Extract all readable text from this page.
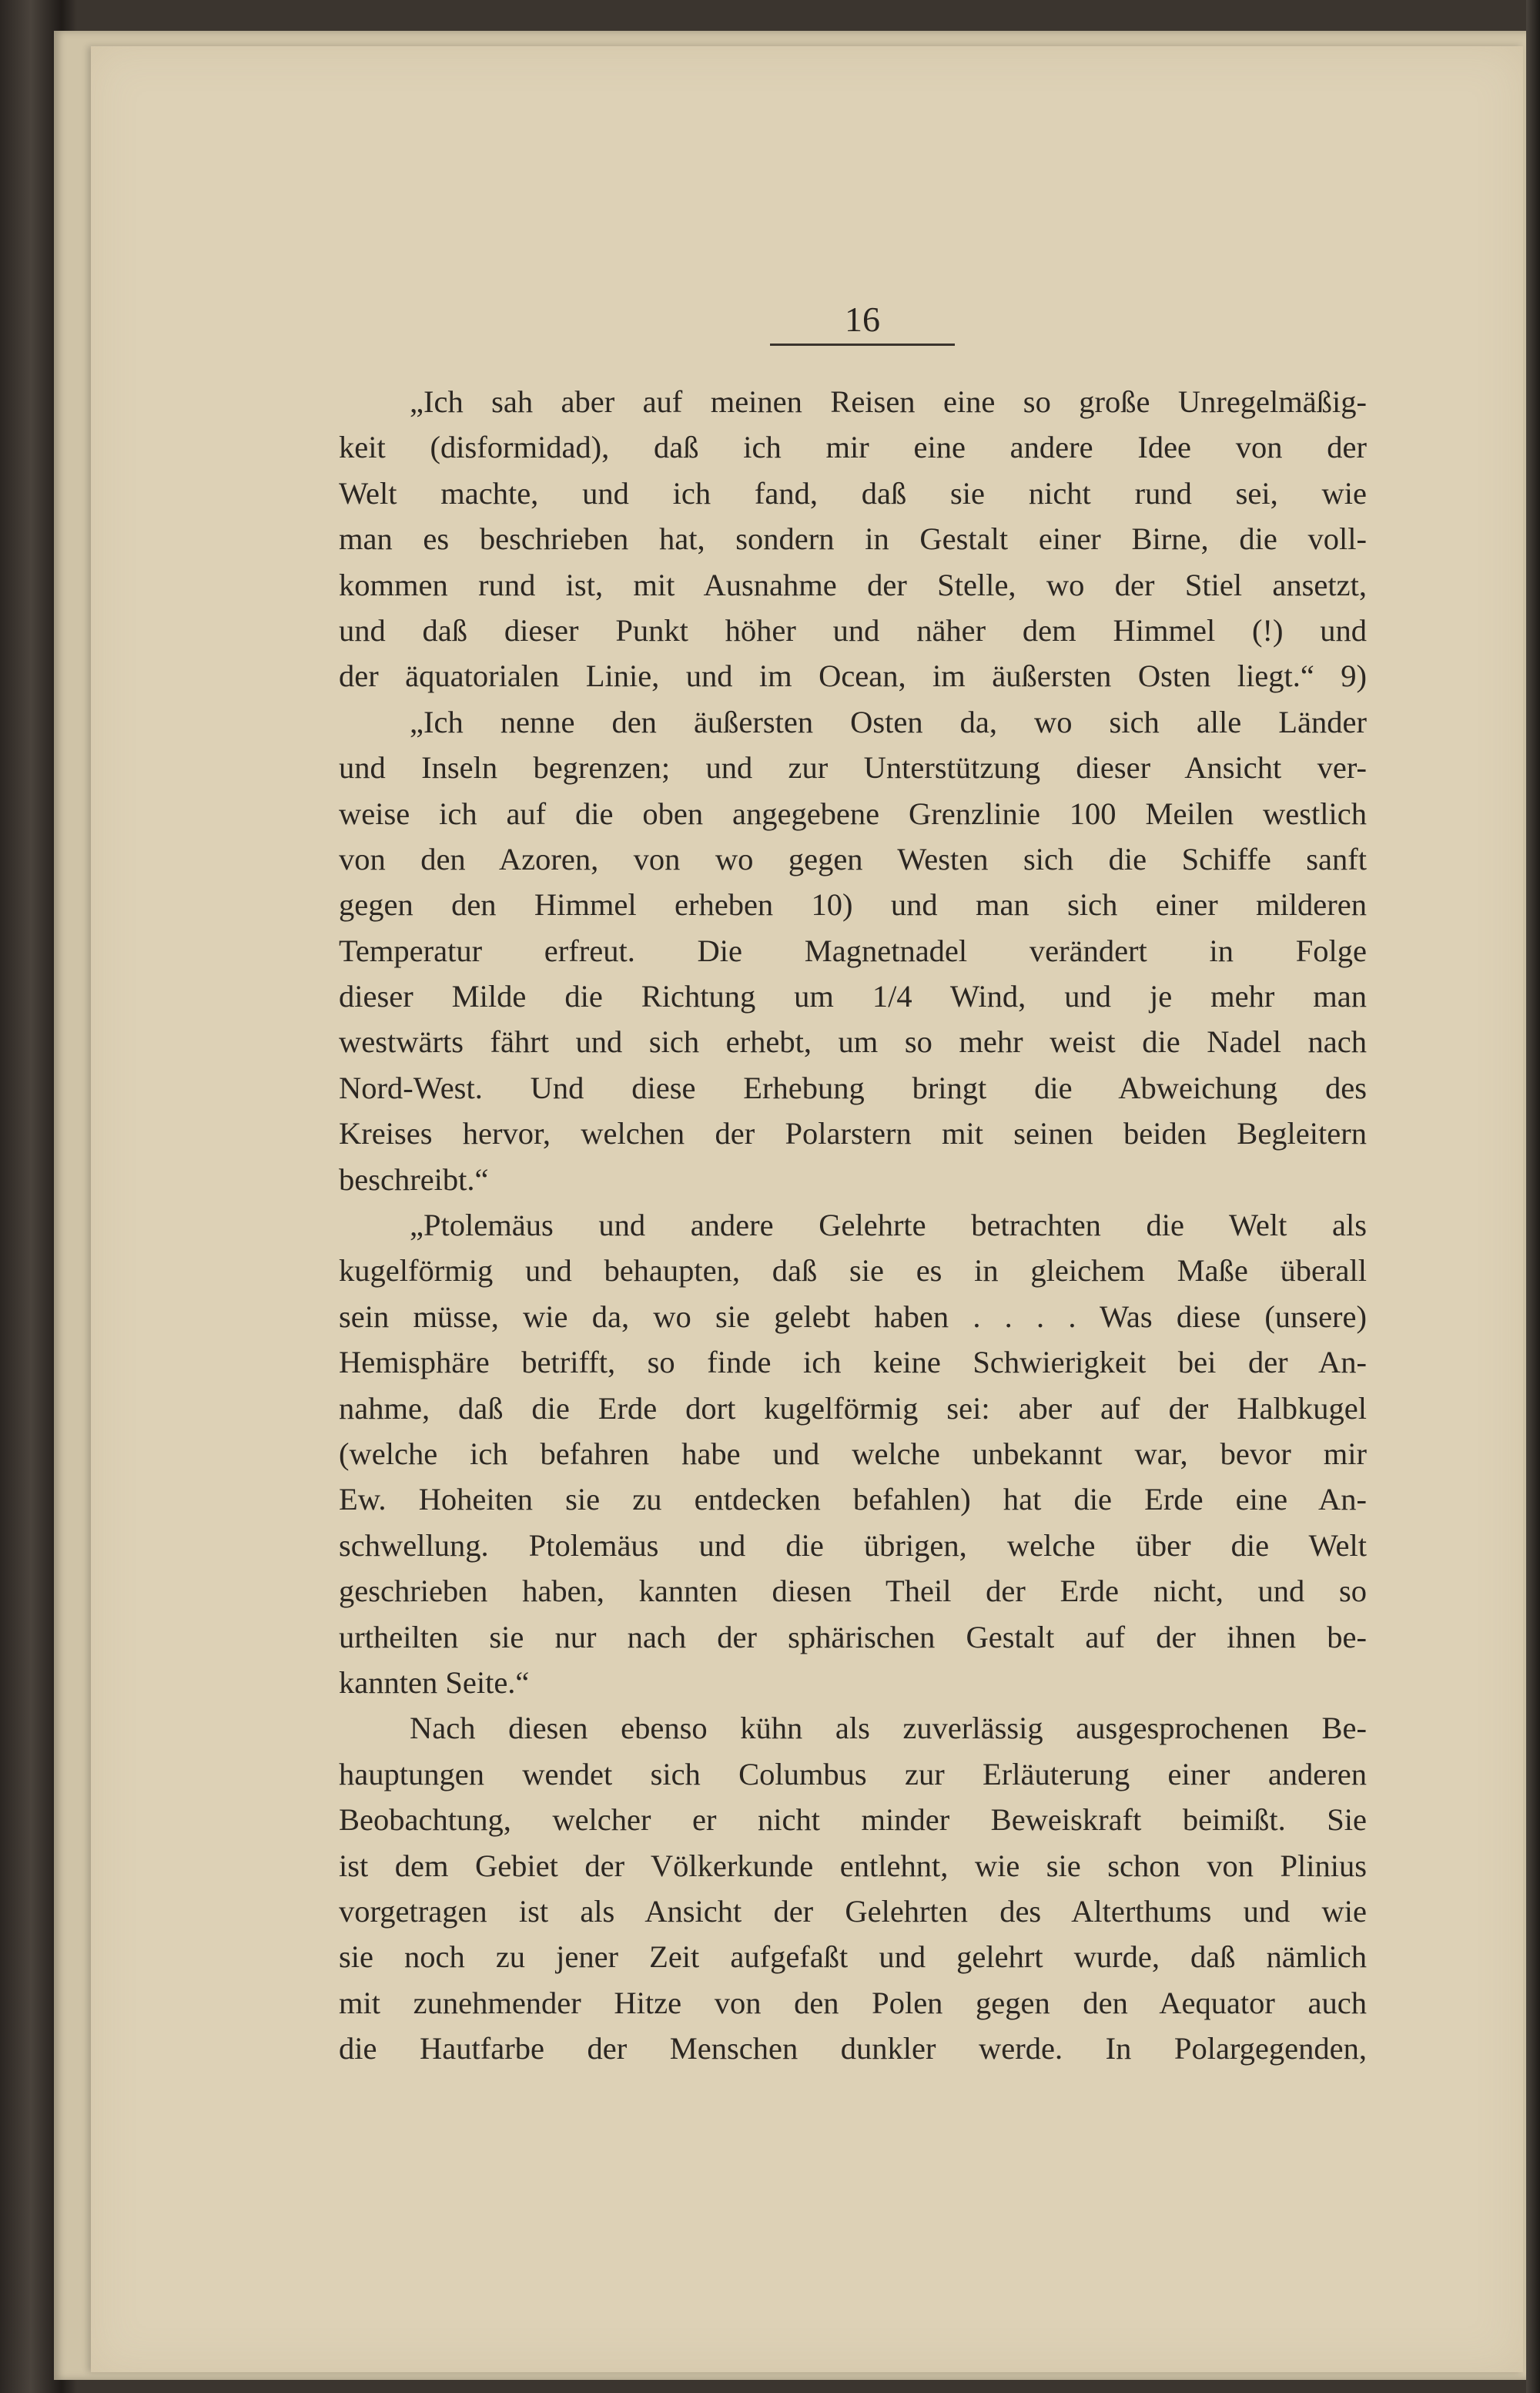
16
„Ich sah aber auf meinen Reisen eine so große Unregelmäßig-
keit (disformidad), daß ich mir eine andere Idee von der
Welt machte, und ich fand, daß sie nicht rund sei, wie
man es beschrieben hat, sondern in Gestalt einer Birne, die voll-
kommen rund ist, mit Ausnahme der Stelle, wo der Stiel ansetzt,
und daß dieser Punkt höher und näher dem Himmel (!) und
der äquatorialen Linie, und im Ocean, im äußersten Osten liegt.“ 9)
„Ich nenne den äußersten Osten da, wo sich alle Länder
und Inseln begrenzen; und zur Unterstützung dieser Ansicht ver-
weise ich auf die oben angegebene Grenzlinie 100 Meilen westlich
von den Azoren, von wo gegen Westen sich die Schiffe sanft
gegen den Himmel erheben 10) und man sich einer milderen
Temperatur erfreut. Die Magnetnadel verändert in Folge
dieser Milde die Richtung um 1/4 Wind, und je mehr man
westwärts fährt und sich erhebt, um so mehr weist die Nadel nach
Nord-West. Und diese Erhebung bringt die Abweichung des
Kreises hervor, welchen der Polarstern mit seinen beiden Begleitern
beschreibt.“
„Ptolemäus und andere Gelehrte betrachten die Welt als
kugelförmig und behaupten, daß sie es in gleichem Maße überall
sein müsse, wie da, wo sie gelebt haben . . . . Was diese (unsere)
Hemisphäre betrifft, so finde ich keine Schwierigkeit bei der An-
nahme, daß die Erde dort kugelförmig sei: aber auf der Halbkugel
(welche ich befahren habe und welche unbekannt war, bevor mir
Ew. Hoheiten sie zu entdecken befahlen) hat die Erde eine An-
schwellung. Ptolemäus und die übrigen, welche über die Welt
geschrieben haben, kannten diesen Theil der Erde nicht, und so
urtheilten sie nur nach der sphärischen Gestalt auf der ihnen be-
kannten Seite.“
Nach diesen ebenso kühn als zuverlässig ausgesprochenen Be-
hauptungen wendet sich Columbus zur Erläuterung einer anderen
Beobachtung, welcher er nicht minder Beweiskraft beimißt. Sie
ist dem Gebiet der Völkerkunde entlehnt, wie sie schon von Plinius
vorgetragen ist als Ansicht der Gelehrten des Alterthums und wie
sie noch zu jener Zeit aufgefaßt und gelehrt wurde, daß nämlich
mit zunehmender Hitze von den Polen gegen den Aequator auch
die Hautfarbe der Menschen dunkler werde. In Polargegenden,
